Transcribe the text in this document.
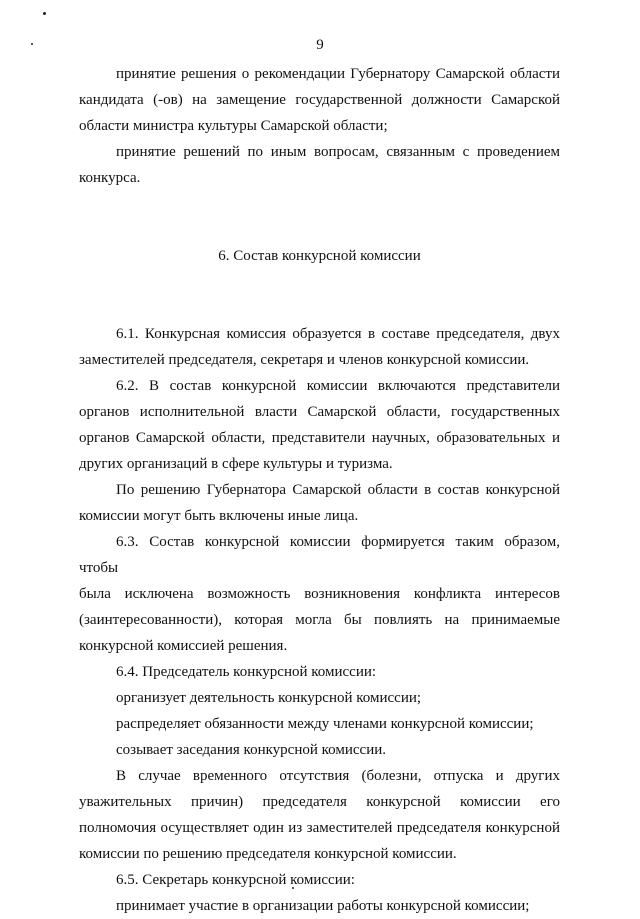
9
принятие решения о рекомендации Губернатору Самарской области
кандидата (-ов) на замещение государственной должности Самарской
области министра культуры Самарской области;
принятие решений по иным вопросам, связанным с проведением
конкурса.

6. Состав конкурсной комиссии

6.1. Конкурсная комиссия образуется в составе председателя, двух
заместителей председателя, секретаря и членов конкурсной комиссии.
6.2. В состав конкурсной комиссии включаются представители
органов исполнительной власти Самарской области, государственных
органов Самарской области, представители научных, образовательных и
других организаций в сфере культуры и туризма.
По решению Губернатора Самарской области в состав конкурсной
комиссии могут быть включены иные лица.
6.3. Состав конкурсной комиссии формируется таким образом, чтобы
была исключена возможность возникновения конфликта интересов
(заинтересованности), которая могла бы повлиять на принимаемые
конкурсной комиссией решения.
6.4. Председатель конкурсной комиссии:
организует деятельность конкурсной комиссии;
распределяет обязанности между членами конкурсной комиссии;
созывает заседания конкурсной комиссии.
В случае временного отсутствия (болезни, отпуска и других
уважительных причин) председателя конкурсной комиссии его
полномочия осуществляет один из заместителей председателя конкурсной
комиссии по решению председателя конкурсной комиссии.
6.5. Секретарь конкурсной комиссии:
принимает участие в организации работы конкурсной комиссии;
